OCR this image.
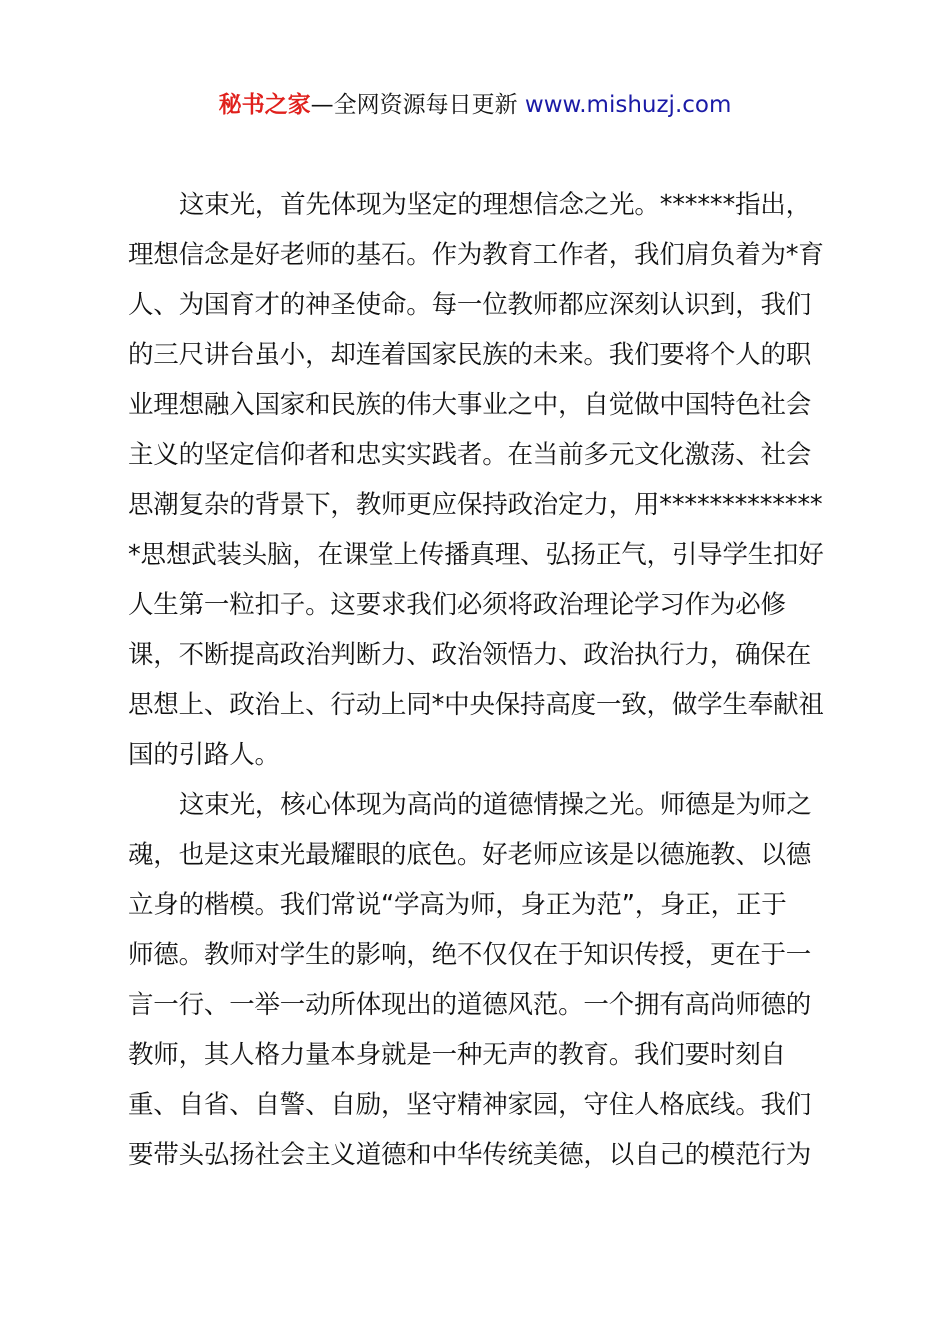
秘书之家—全网资源每日更新 www.mishuzj.com
这束光，首先体现为坚定的理想信念之光。******指出，
理想信念是好老师的基石。作为教育工作者，我们肩负着为*育
人、为国育才的神圣使命。每一位教师都应深刻认识到，我们
的三尺讲台虽小，却连着国家民族的未来。我们要将个人的职
业理想融入国家和民族的伟大事业之中，自觉做中国特色社会
主义的坚定信仰者和忠实实践者。在当前多元文化激荡、社会
思潮复杂的背景下，教师更应保持政治定力，用*************
*思想武装头脑，在课堂上传播真理、弘扬正气，引导学生扣好
人生第一粒扣子。这要求我们必须将政治理论学习作为必修
课，不断提高政治判断力、政治领悟力、政治执行力，确保在
思想上、政治上、行动上同*中央保持高度一致，做学生奉献祖
国的引路人。
这束光，核心体现为高尚的道德情操之光。师德是为师之
魂，也是这束光最耀眼的底色。好老师应该是以德施教、以德
立身的楷模。我们常说“学高为师，身正为范”，身正，正于
师德。教师对学生的影响，绝不仅仅在于知识传授，更在于一
言一行、一举一动所体现出的道德风范。一个拥有高尚师德的
教师，其人格力量本身就是一种无声的教育。我们要时刻自
重、自省、自警、自励，坚守精神家园，守住人格底线。我们
要带头弘扬社会主义道德和中华传统美德，以自己的模范行为
